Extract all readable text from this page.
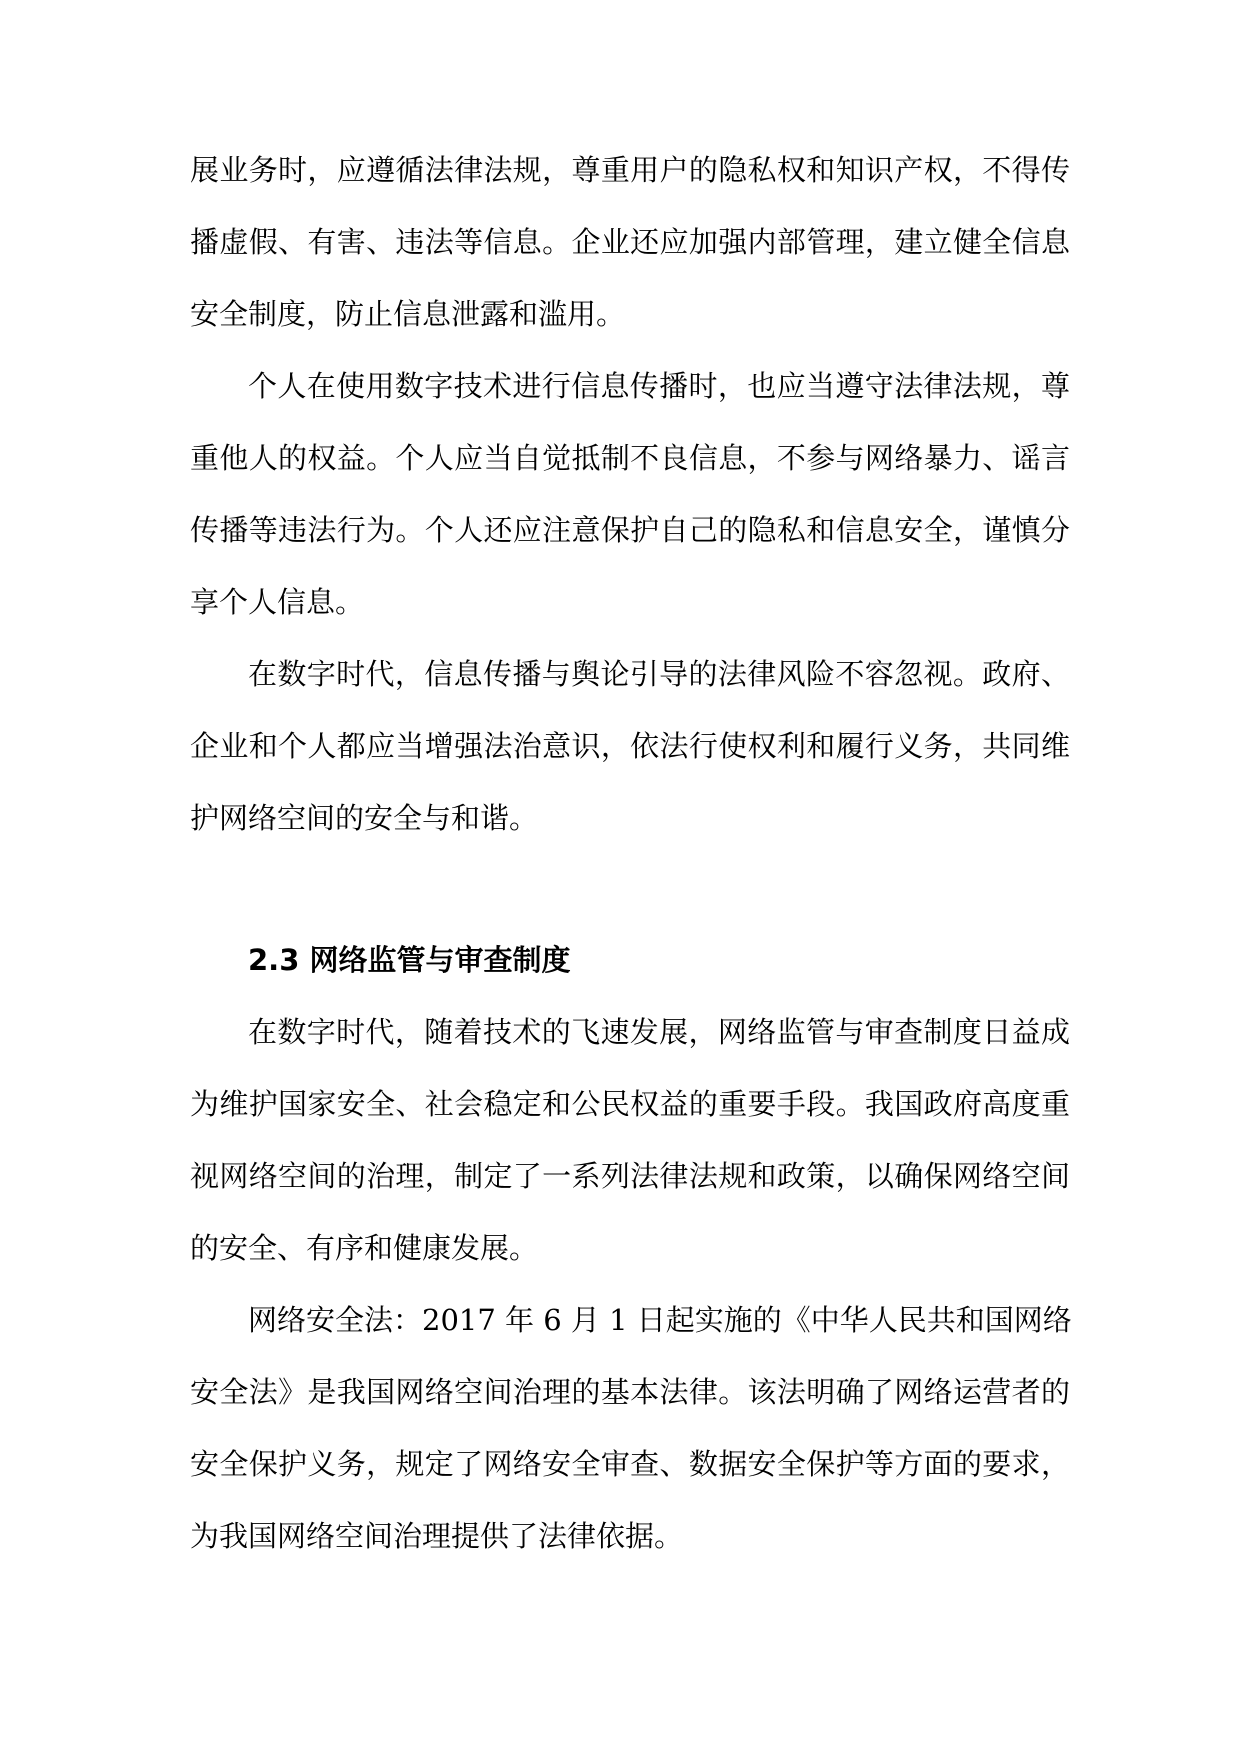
展业务时，应遵循法律法规，尊重用户的隐私权和知识产权，不得传
播虚假、有害、违法等信息。企业还应加强内部管理，建立健全信息
安全制度，防止信息泄露和滥用。
个人在使用数字技术进行信息传播时，也应当遵守法律法规，尊
重他人的权益。个人应当自觉抵制不良信息，不参与网络暴力、谣言
传播等违法行为。个人还应注意保护自己的隐私和信息安全，谨慎分
享个人信息。
在数字时代，信息传播与舆论引导的法律风险不容忽视。政府、
企业和个人都应当增强法治意识，依法行使权利和履行义务，共同维
护网络空间的安全与和谐。
2.3 网络监管与审查制度
在数字时代，随着技术的飞速发展，网络监管与审查制度日益成
为维护国家安全、社会稳定和公民权益的重要手段。我国政府高度重
视网络空间的治理，制定了一系列法律法规和政策，以确保网络空间
的安全、有序和健康发展。
网络安全法：2017 年 6 月 1 日起实施的《中华人民共和国网络
安全法》是我国网络空间治理的基本法律。该法明确了网络运营者的
安全保护义务，规定了网络安全审查、数据安全保护等方面的要求，
为我国网络空间治理提供了法律依据。
